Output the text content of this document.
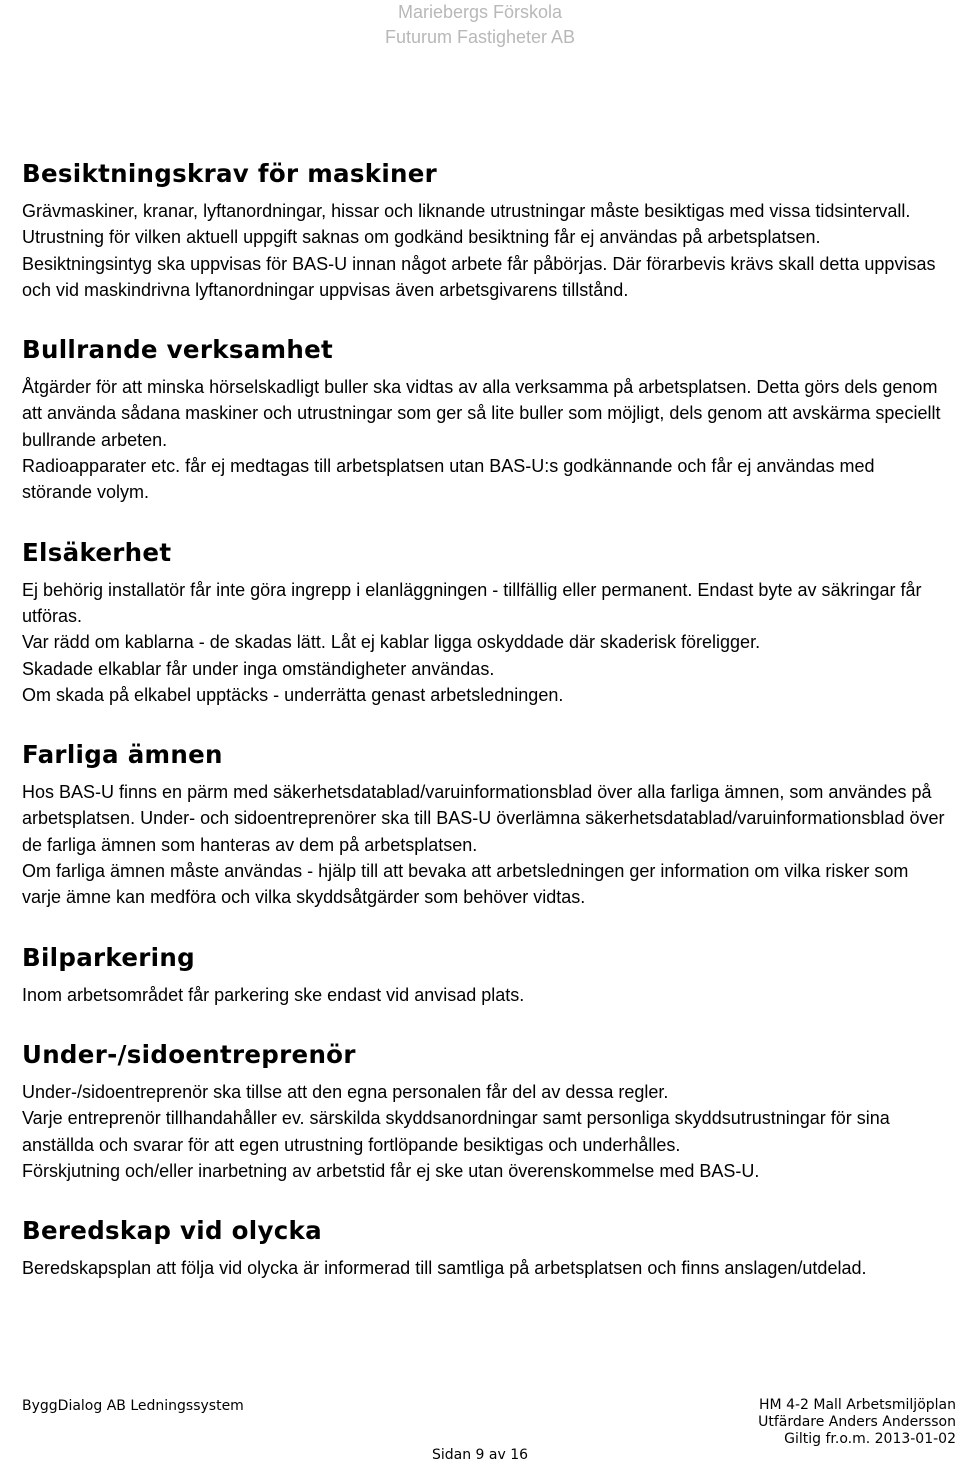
Mariebergs Förskola
Futurum Fastigheter AB
Besiktningskrav för maskiner

Grävmaskiner, kranar, lyftanordningar, hissar och liknande utrustningar måste besiktigas med vissa tidsintervall.

Utrustning för vilken aktuell uppgift saknas om godkänd besiktning får ej användas på arbetsplatsen.

Besiktningsintyg ska uppvisas för BAS-U innan något arbete får påbörjas. Där förarbevis krävs skall detta uppvisas och vid maskindrivna lyftanordningar uppvisas även arbetsgivarens tillstånd.

Bullrande verksamhet

Åtgärder för att minska hörselskadligt buller ska vidtas av alla verksamma på arbetsplatsen. Detta görs dels genom att använda sådana maskiner och utrustningar som ger så lite buller som möjligt, dels genom att avskärma speciellt bullrande arbeten.

Radioapparater etc. får ej medtagas till arbetsplatsen utan BAS-U:s godkännande och får ej användas med störande volym.

Elsäkerhet

Ej behörig installatör får inte göra ingrepp i elanläggningen - tillfällig eller permanent. Endast byte av säkringar får utföras.

Var rädd om kablarna - de skadas lätt. Låt ej kablar ligga oskyddade där skaderisk föreligger.

Skadade elkablar får under inga omständigheter användas.

Om skada på elkabel upptäcks - underrätta genast arbetsledningen.

Farliga ämnen

Hos BAS-U finns en pärm med säkerhetsdatablad/varuinformationsblad över alla farliga ämnen, som användes på arbetsplatsen. Under- och sidoentreprenörer ska till BAS-U överlämna säkerhetsdatablad/varuinformationsblad över de farliga ämnen som hanteras av dem på arbetsplatsen.

Om farliga ämnen måste användas - hjälp till att bevaka att arbetsledningen ger information om vilka risker som varje ämne kan medföra och vilka skyddsåtgärder som behöver vidtas.

Bilparkering

Inom arbetsområdet får parkering ske endast vid anvisad plats.

Under-/sidoentreprenör

Under-/sidoentreprenör ska tillse att den egna personalen får del av dessa regler.

Varje entreprenör tillhandahåller ev. särskilda skyddsanordningar samt personliga skyddsutrustningar för sina anställda och svarar för att egen utrustning fortlöpande besiktigas och underhålles.

Förskjutning och/eller inarbetning av arbetstid får ej ske utan överenskommelse med BAS-U.

Beredskap vid olycka

Beredskapsplan att följa vid olycka är informerad till samtliga på arbetsplatsen och finns anslagen/utdelad.

ByggDialog AB Ledningssystem	HM 4-2 Mall Arbetsmiljöplan
Utfärdare Anders Andersson
Giltig fr.o.m. 2013-01-02
Sidan 9 av 16
